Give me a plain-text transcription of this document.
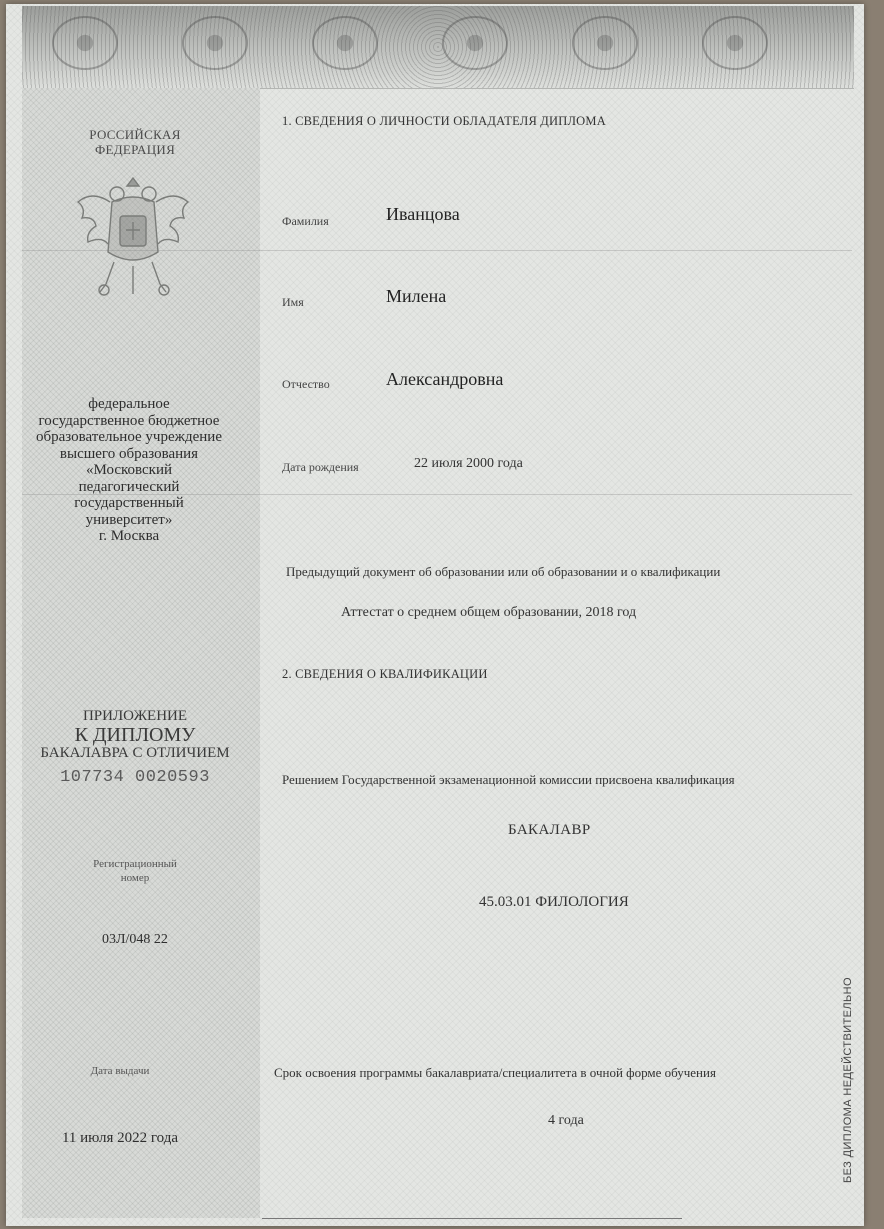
РОССИЙСКАЯ ФЕДЕРАЦИЯ
федеральное
государственное бюджетное
образовательное учреждение
высшего образования
«Московский
педагогический
государственный
университет»
г. Москва
ПРИЛОЖЕНИЕ
К ДИПЛОМУ
БАКАЛАВРА С ОТЛИЧИЕМ
107734 0020593
Регистрационный
номер
03Л/048 22
Дата выдачи
11 июля 2022 года
1. СВЕДЕНИЯ О ЛИЧНОСТИ ОБЛАДАТЕЛЯ ДИПЛОМА
Фамилия	Иванцова
Имя	Милена
Отчество	Александровна
Дата рождения	22 июля 2000 года
Предыдущий документ об образовании или об образовании и о квалификации
Аттестат о среднем общем образовании, 2018 год
2. СВЕДЕНИЯ О КВАЛИФИКАЦИИ
Решением Государственной экзаменационной комиссии присвоена квалификация
БАКАЛАВР
45.03.01 ФИЛОЛОГИЯ
Срок освоения программы бакалавриата/специалитета в очной форме обучения
4 года	БЕЗ ДИПЛОМА НЕДЕЙСТВИТЕЛЬНО
